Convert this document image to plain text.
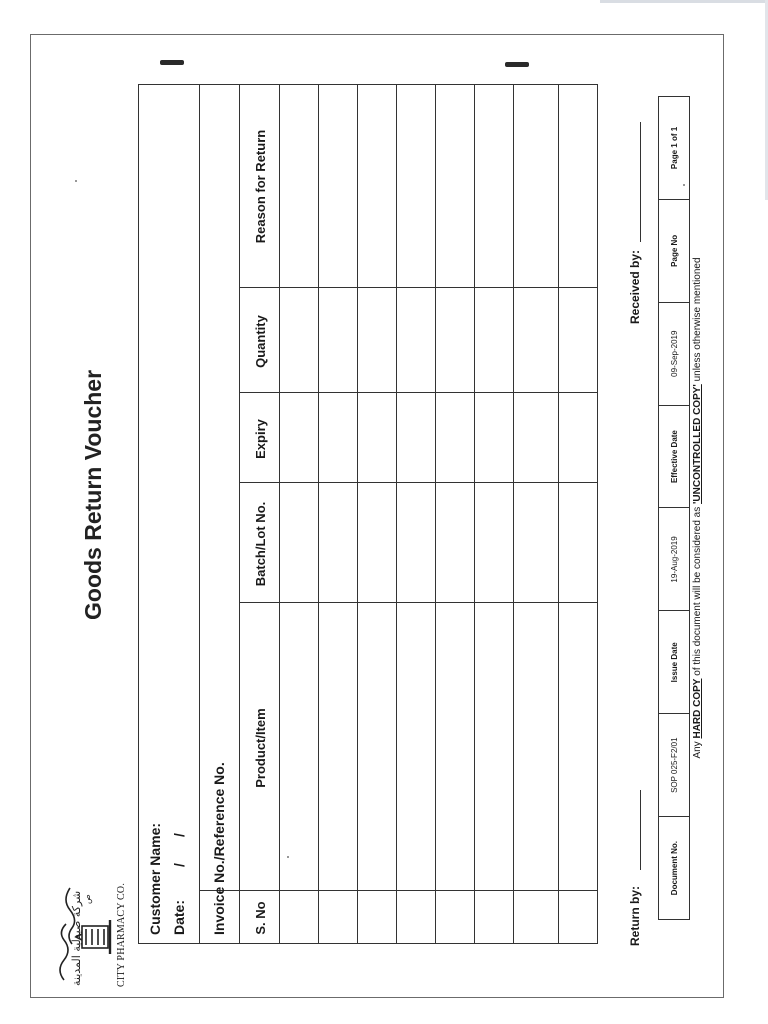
ص
شركة صيدلية المدينة	CITY PHARMACY CO.
Goods Return Voucher
Customer Name: Date:
/
/ Invoice No./Reference No.	S. No
Product/Item
Batch/Lot No.
Expiry
Quantity
Reason for Return
Return by:
Received by:
Document No.
SOP 025-F2/01
Issue Date
19-Aug-2019
Effective Date
09-Sep-2019
Page No
Page 1 of 1
Any HARD COPY of this document will be considered as 'UNCONTROLLED COPY' unless otherwise mentioned
